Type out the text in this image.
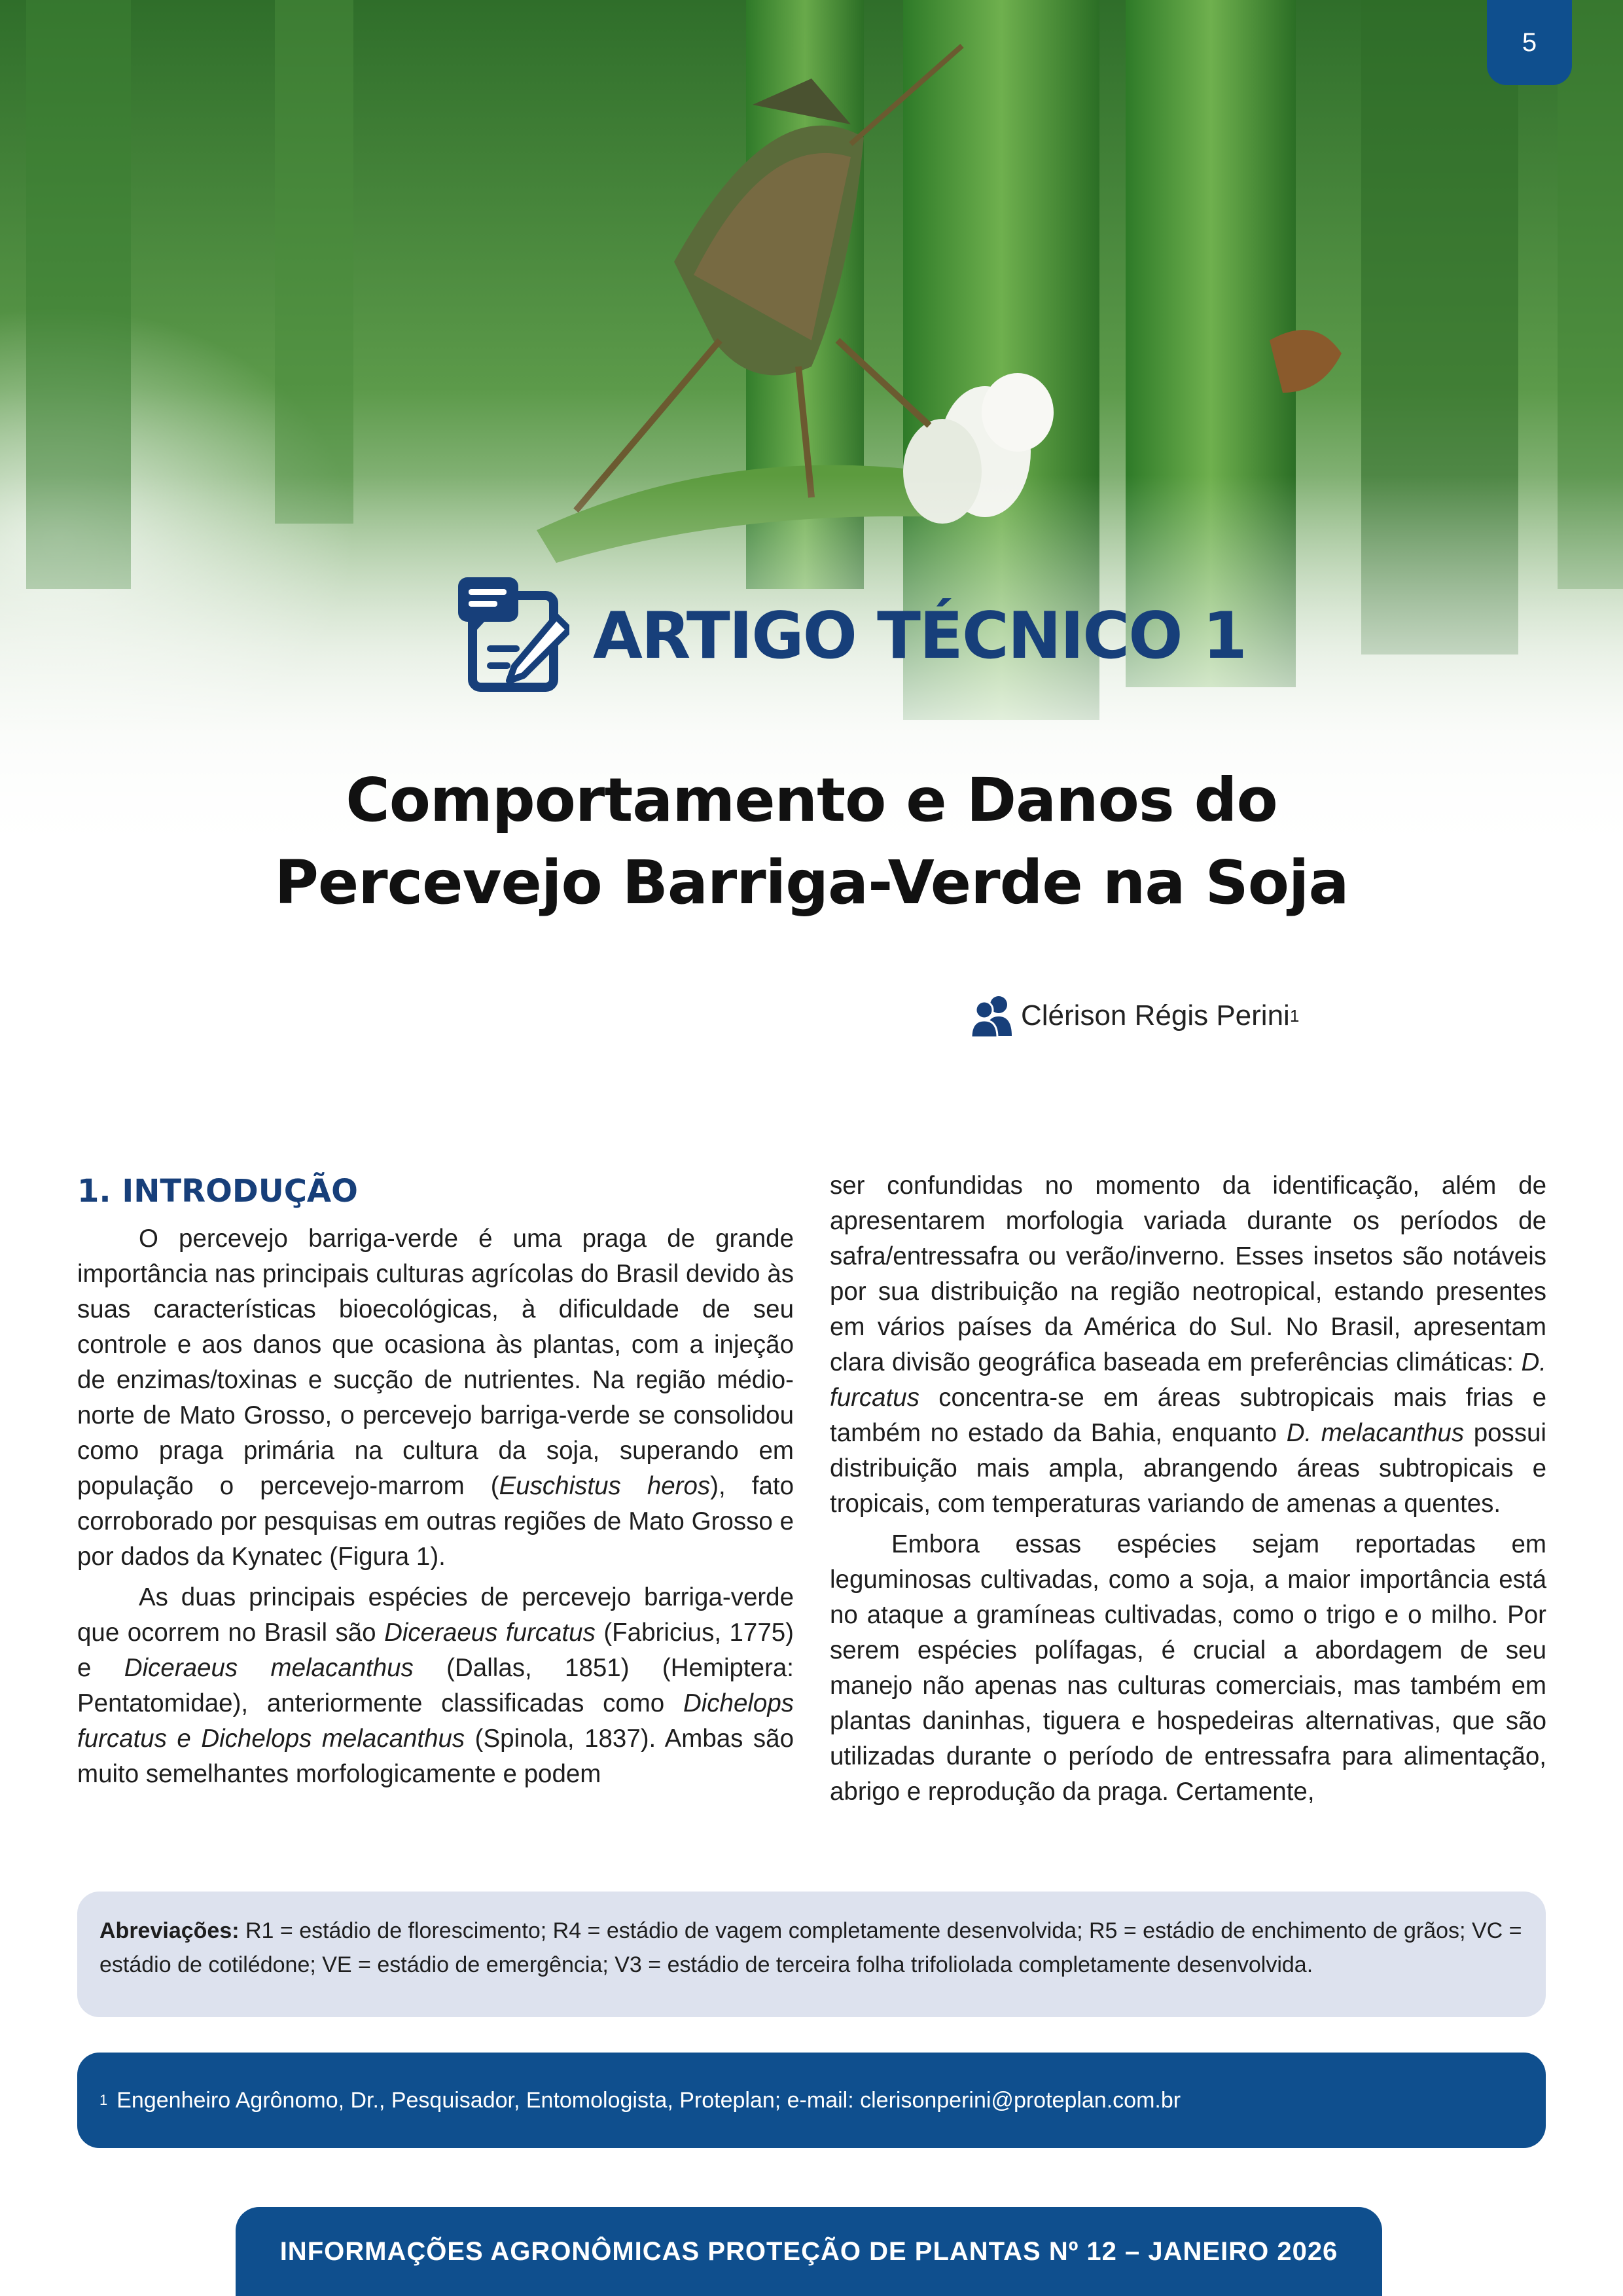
5
ARTIGO TÉCNICO 1
Comportamento e Danos do
Percevejo Barriga-Verde na Soja
Clérison Régis Perini 1
1. INTRODUÇÃO

O percevejo barriga-verde é uma praga de grande importância nas principais culturas agrícolas do Brasil devido às suas características bioecológicas, à dificuldade de seu controle e aos danos que ocasiona às plantas, com a injeção de enzimas/toxinas e sucção de nutrientes. Na região médio-norte de Mato Grosso, o percevejo barriga-verde se consolidou como praga primária na cultura da soja, superando em população o percevejo-marrom (Euschistus heros), fato corroborado por pesquisas em outras regiões de Mato Grosso e por dados da Kynatec (Figura 1).

As duas principais espécies de percevejo barriga-verde que ocorrem no Brasil são Diceraeus furcatus (Fabricius, 1775) e Diceraeus melacanthus (Dallas, 1851) (Hemiptera: Pentatomidae), anteriormente classificadas como Dichelops furcatus e Dichelops melacanthus (Spinola, 1837). Ambas são muito semelhantes morfologicamente e podem

ser confundidas no momento da identificação, além de apresentarem morfologia variada durante os períodos de safra/entressafra ou verão/inverno. Esses insetos são notáveis por sua distribuição na região neotropical, estando presentes em vários países da América do Sul. No Brasil, apresentam clara divisão geográfica baseada em preferências climáticas: D. furcatus concentra-se em áreas subtropicais mais frias e também no estado da Bahia, enquanto D. melacanthus possui distribuição mais ampla, abrangendo áreas subtropicais e tropicais, com temperaturas variando de amenas a quentes.

Embora essas espécies sejam reportadas em leguminosas cultivadas, como a soja, a maior importância está no ataque a gramíneas cultivadas, como o trigo e o milho. Por serem espécies polífagas, é crucial a abordagem de seu manejo não apenas nas culturas comerciais, mas também em plantas daninhas, tiguera e hospedeiras alternativas, que são utilizadas durante o período de entressafra para alimentação, abrigo e reprodução da praga. Certamente,

Abreviações: R1 = estádio de florescimento; R4 = estádio de vagem completamente desenvolvida; R5 = estádio de enchimento de grãos; VC = estádio de cotilédone; VE = estádio de emergência; V3 = estádio de terceira folha trifoliolada completamente desenvolvida.
1 Engenheiro Agrônomo, Dr., Pesquisador, Entomologista, Proteplan; e-mail: clerisonperini@proteplan.com.br
INFORMAÇÕES AGRONÔMICAS PROTEÇÃO DE PLANTAS Nº 12 – JANEIRO 2026
